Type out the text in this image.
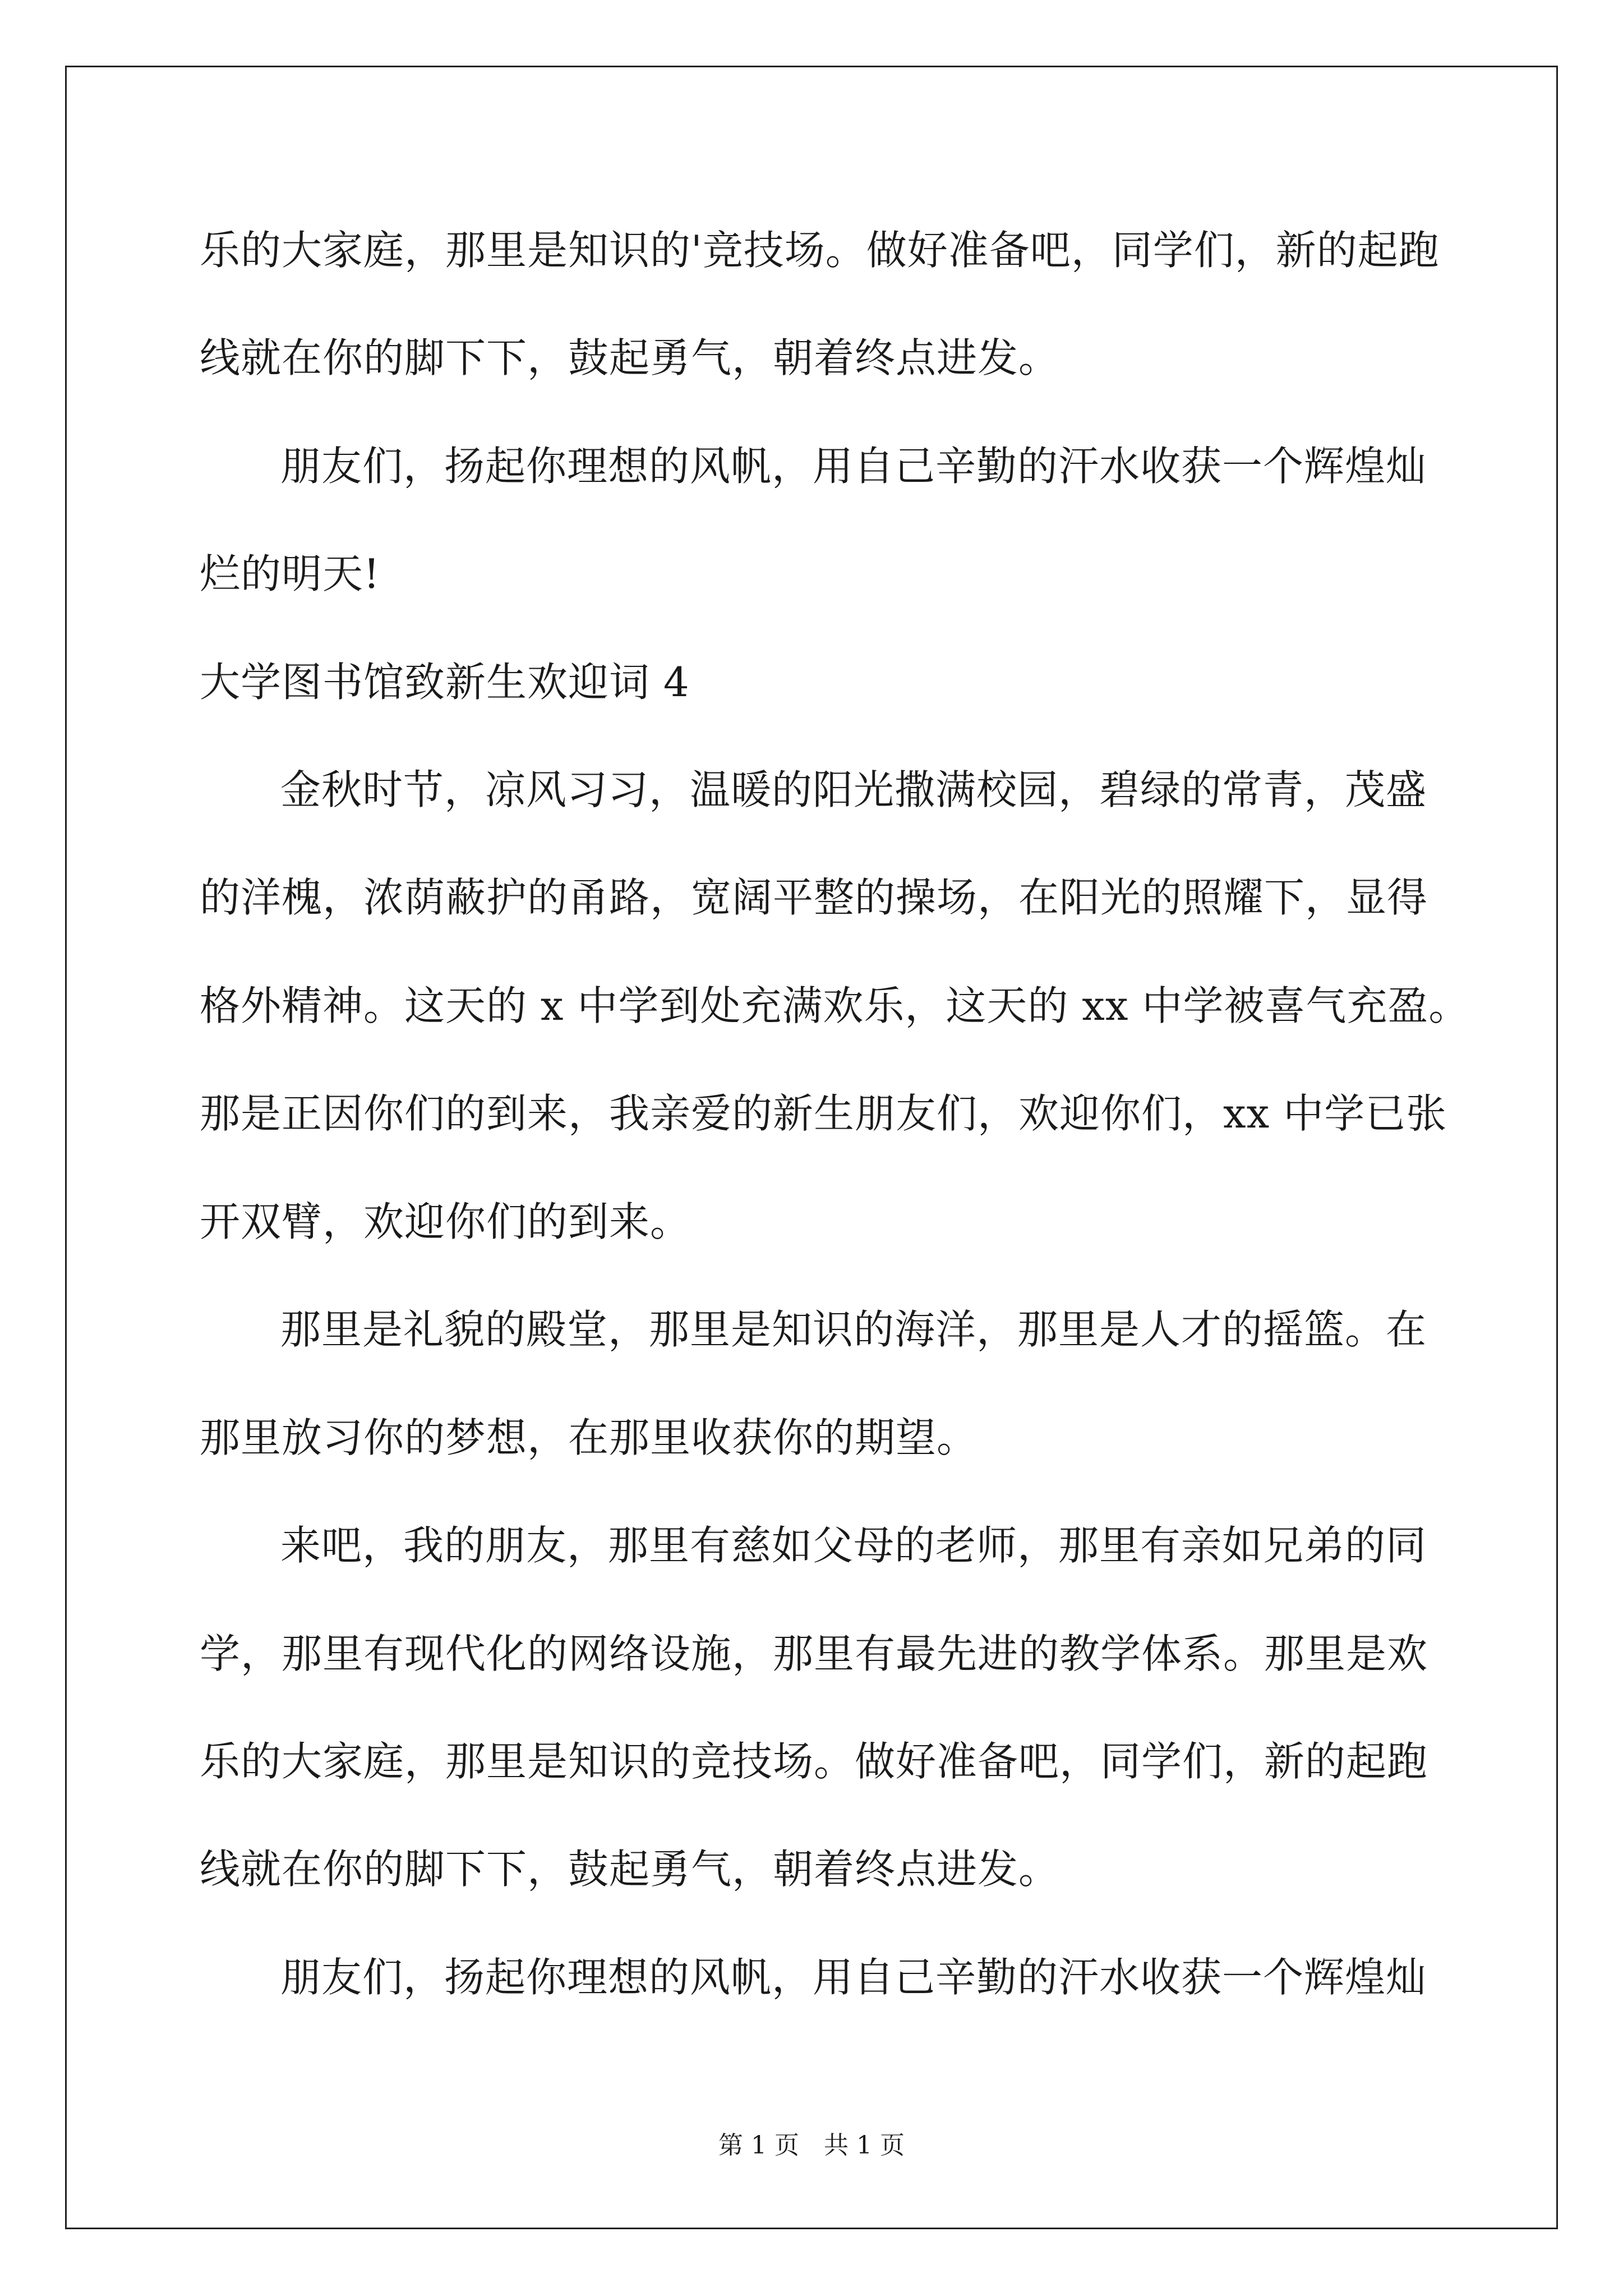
乐的大家庭，那里是知识的'竞技场。做好准备吧，同学们，新的起跑

线就在你的脚下下，鼓起勇气，朝着终点进发。

朋友们，扬起你理想的风帆，用自己辛勤的汗水收获一个辉煌灿

烂的明天!

大学图书馆致新生欢迎词 4

金秋时节，凉风习习，温暖的阳光撒满校园，碧绿的常青，茂盛

的洋槐，浓荫蔽护的甬路，宽阔平整的操场，在阳光的照耀下，显得

格外精神。这天的 x 中学到处充满欢乐，这天的 xx 中学被喜气充盈。

那是正因你们的到来，我亲爱的新生朋友们，欢迎你们，xx 中学已张

开双臂，欢迎你们的到来。

那里是礼貌的殿堂，那里是知识的海洋，那里是人才的摇篮。在

那里放习你的梦想，在那里收获你的期望。

来吧，我的朋友，那里有慈如父母的老师，那里有亲如兄弟的同

学，那里有现代化的网络设施，那里有最先进的教学体系。那里是欢

乐的大家庭，那里是知识的竞技场。做好准备吧，同学们，新的起跑

线就在你的脚下下，鼓起勇气，朝着终点进发。

朋友们，扬起你理想的风帆，用自己辛勤的汗水收获一个辉煌灿

第 1 页　共 1 页
